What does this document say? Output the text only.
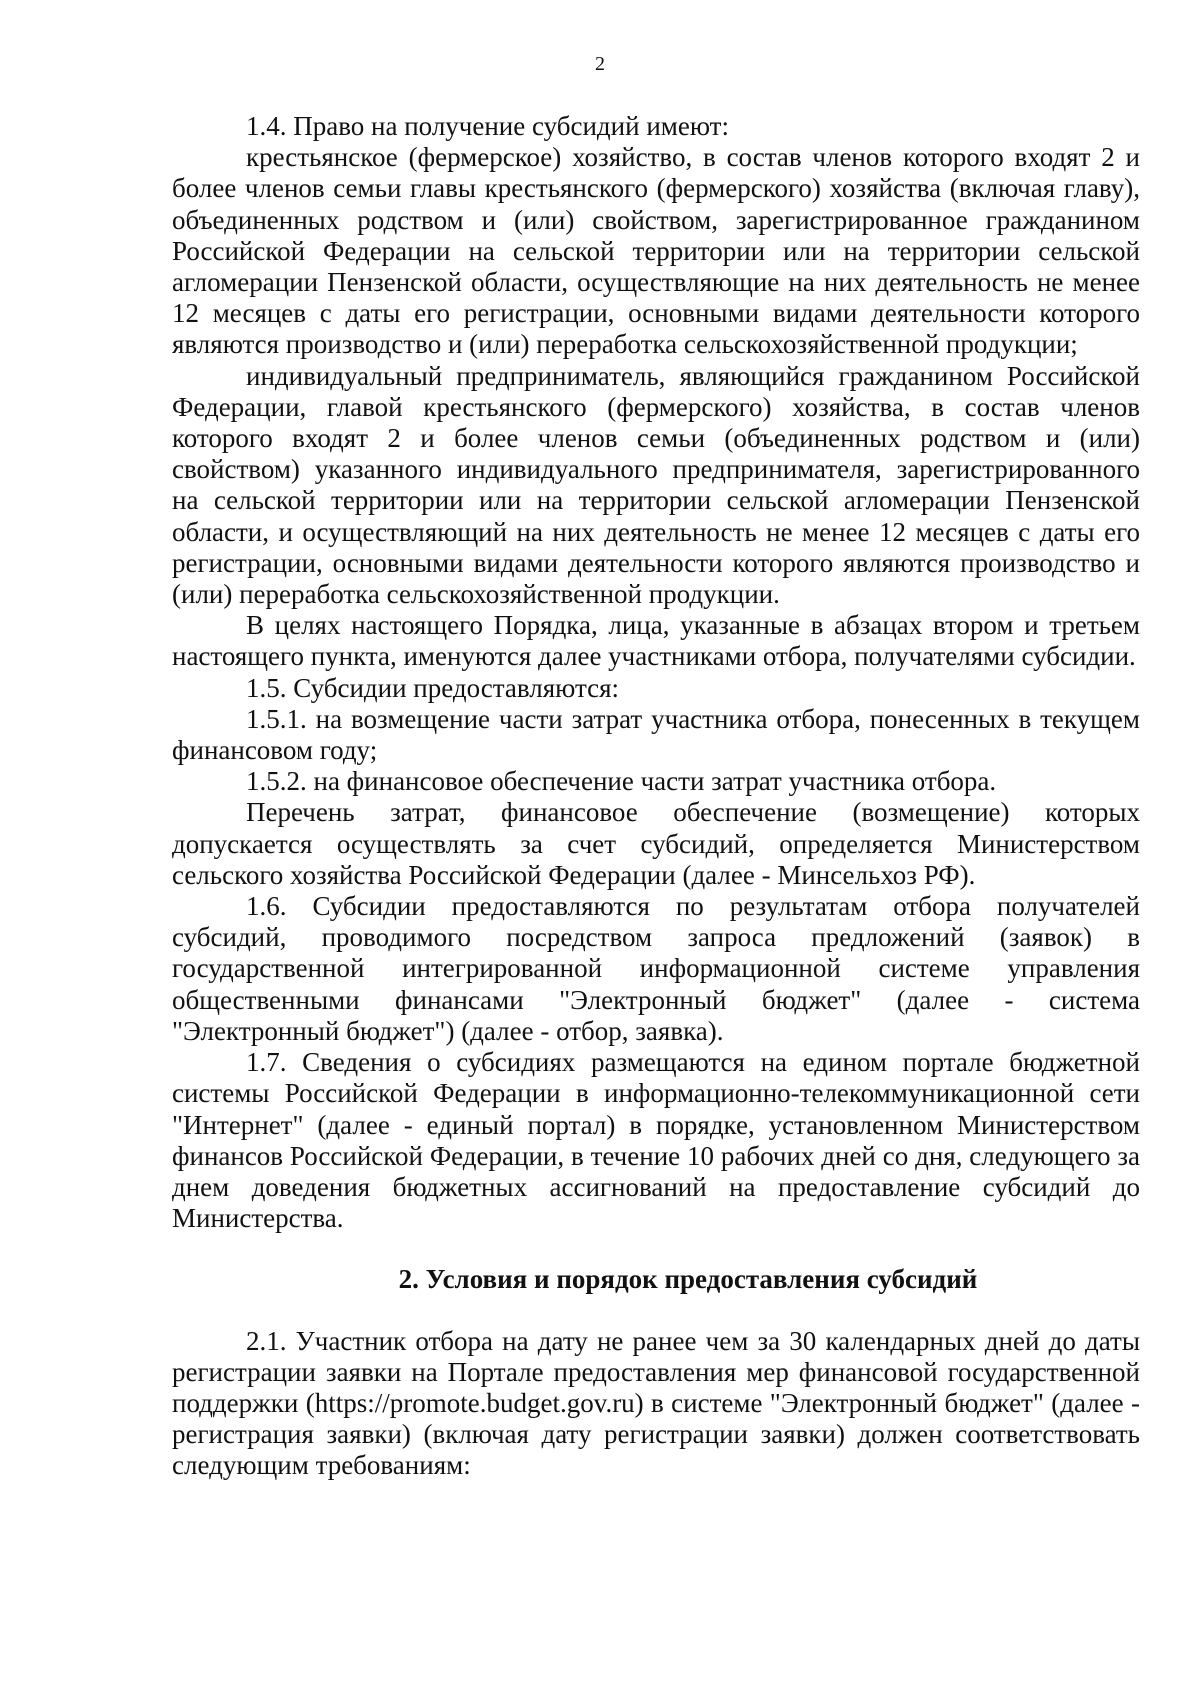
2

1.4. Право на получение субсидий имеют:

крестьянское (фермерское) хозяйство, в состав членов которого входят 2 и более членов семьи главы крестьянского (фермерского) хозяйства (включая главу), объединенных родством и (или) свойством, зарегистрированное гражданином Российской Федерации на сельской территории или на территории сельской агломерации Пензенской области, осуществляющие на них деятельность не менее 12 месяцев с даты его регистрации, основными видами деятельности которого являются производство и (или) переработка сельскохозяйственной продукции;

индивидуальный предприниматель, являющийся гражданином Российской Федерации, главой крестьянского (фермерского) хозяйства, в состав членов которого входят 2 и более членов семьи (объединенных родством и (или) свойством) указанного индивидуального предпринимателя, зарегистрированного на сельской территории или на территории сельской агломерации Пензенской области, и осуществляющий на них деятельность не менее 12 месяцев с даты его регистрации, основными видами деятельности которого являются производство и (или) переработка сельскохозяйственной продукции.

В целях настоящего Порядка, лица, указанные в абзацах втором и третьем настоящего пункта, именуются далее участниками отбора, получателями субсидии.

1.5. Субсидии предоставляются:

1.5.1. на возмещение части затрат участника отбора, понесенных в текущем финансовом году;

1.5.2. на финансовое обеспечение части затрат участника отбора.

Перечень затрат, финансовое обеспечение (возмещение) которых допускается осуществлять за счет субсидий, определяется Министерством сельского хозяйства Российской Федерации (далее - Минсельхоз РФ).

1.6. Субсидии предоставляются по результатам отбора получателей субсидий, проводимого посредством запроса предложений (заявок) в государственной интегрированной информационной системе управления общественными финансами "Электронный бюджет" (далее - система "Электронный бюджет") (далее - отбор, заявка).

1.7. Сведения о субсидиях размещаются на едином портале бюджетной системы Российской Федерации в информационно-телекоммуникационной сети "Интернет" (далее - единый портал) в порядке, установленном Министерством финансов Российской Федерации, в течение 10 рабочих дней со дня, следующего за днем доведения бюджетных ассигнований на предоставление субсидий до Министерства.

2. Условия и порядок предоставления субсидий

2.1. Участник отбора на дату не ранее чем за 30 календарных дней до даты регистрации заявки на Портале предоставления мер финансовой государственной поддержки (https://promote.budget.gov.ru) в системе "Электронный бюджет" (далее - регистрация заявки) (включая дату регистрации заявки) должен соответствовать следующим требованиям:
